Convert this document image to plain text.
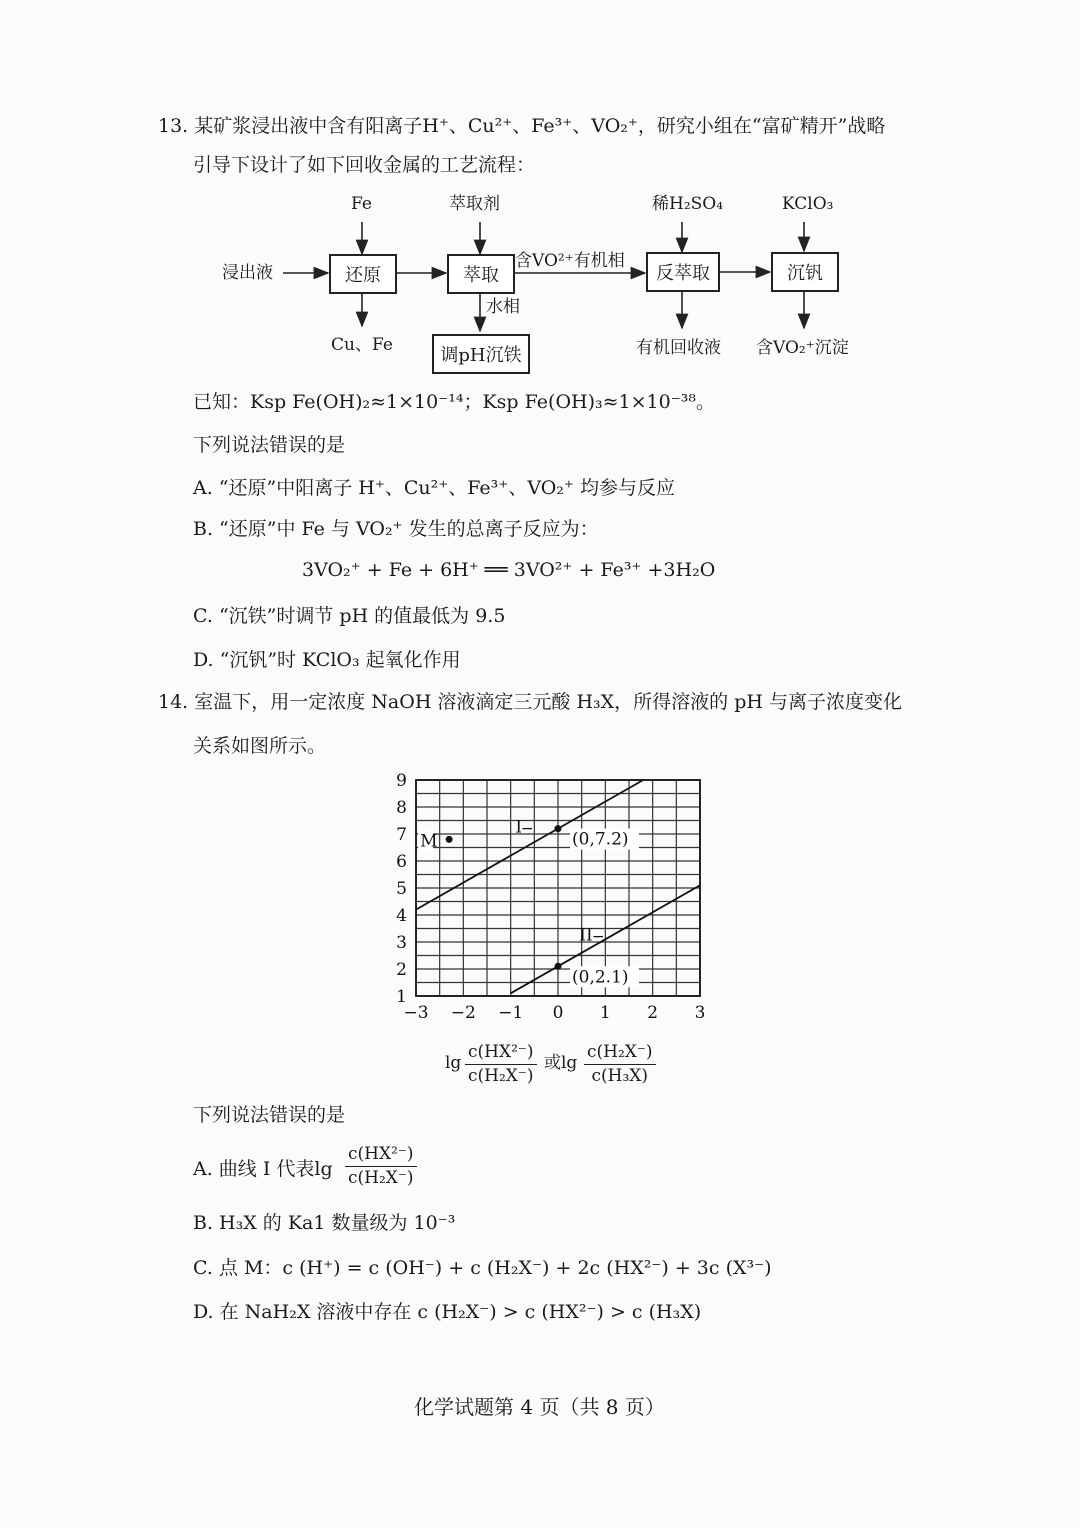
13. 某矿浆浸出液中含有阳离子H⁺、Cu²⁺、Fe³⁺、VO₂⁺，研究小组在“富矿精开”战略
引导下设计了如下回收金属的工艺流程：
浸出液
Fe
还原
Cu、Fe
萃取剂
萃取
水相
调pH沉铁
含VO²⁺有机相
稀H₂SO₄
反萃取
有机回收液
KClO₃
沉钒
含VO₂⁺沉淀
已知：Ksp Fe(OH)₂≈1×10⁻¹⁴；Ksp Fe(OH)₃≈1×10⁻³⁸。
下列说法错误的是
A. “还原”中阳离子 H⁺、Cu²⁺、Fe³⁺、VO₂⁺ 均参与反应
B. “还原”中 Fe 与 VO₂⁺ 发生的总离子反应为：
3VO₂⁺ + Fe + 6H⁺ ══ 3VO²⁺ + Fe³⁺ +3H₂O
C. “沉铁”时调节 pH 的值最低为 9.5
D. “沉钒”时 KClO₃ 起氧化作用
14. 室温下，用一定浓度 NaOH 溶液滴定三元酸 H₃X，所得溶液的 pH 与离子浓度变化
关系如图所示。
I
II
M	(0,7.2)
(0,2.1)
−3 −2 −1 0 1 2 3
1
2
3
4
5
6
7
8
9
$\lg \frac{\text{c(HX²⁻)}}{\text{c(H₂X⁻)}}$ 或$\lg \frac{\text{c(H₂X⁻)}}{\text{c(H₃X)}}$
下列说法错误的是
A. 曲线 I 代表$\lg \frac{\text{c(HX²⁻)}}{\text{c(H₂X⁻)}}$
B. H₃X 的 Ka1 数量级为 10⁻³
C. 点 M：c (H⁺) = c (OH⁻) + c (H₂X⁻) + 2c (HX²⁻) + 3c (X³⁻)
D. 在 NaH₂X 溶液中存在 c (H₂X⁻) > c (HX²⁻) > c (H₃X)
化学试题第 4 页（共 8 页）
